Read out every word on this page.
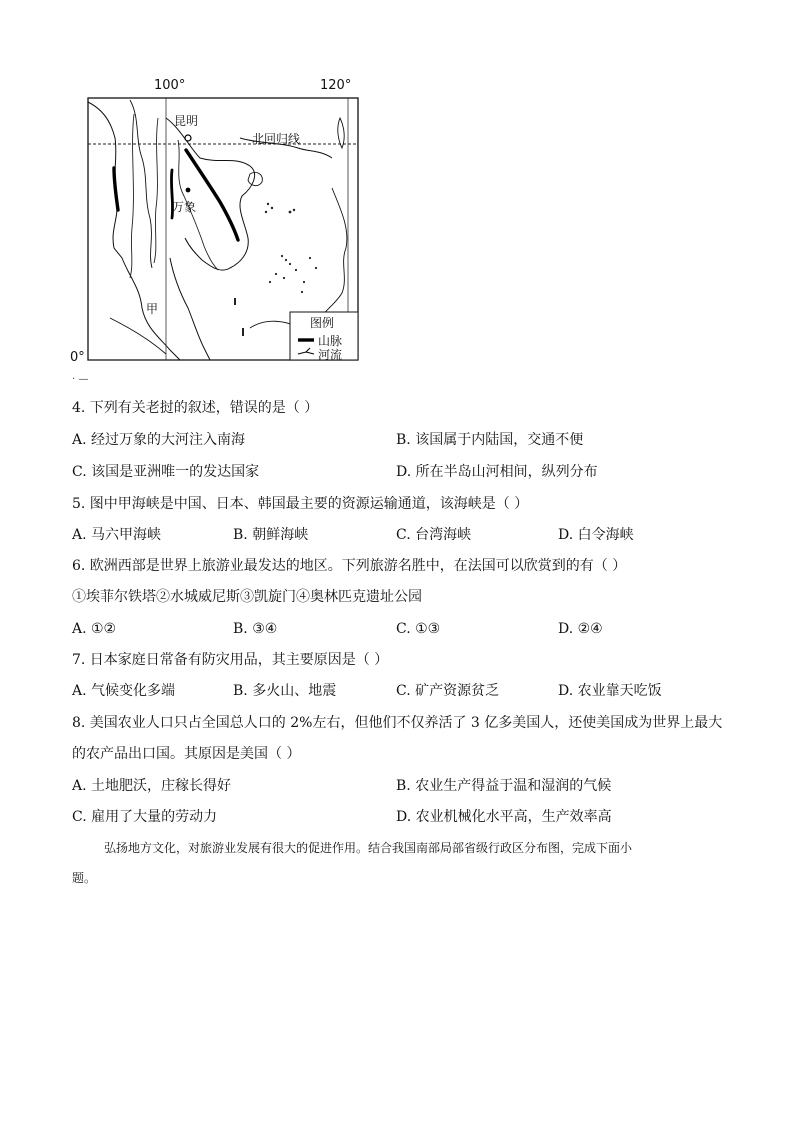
100°	120°
0°
昆明
北回归线
万象
甲
图例
山脉
河流
· —
4. 下列有关老挝的叙述，错误的是（ ）
A. 经过万象的大河注入南海	B. 该国属于内陆国，交通不便
C. 该国是亚洲唯一的发达国家	D. 所在半岛山河相间，纵列分布
5. 图中甲海峡是中国、日本、韩国最主要的资源运输通道，该海峡是（ ）
A. 马六甲海峡	B. 朝鲜海峡	C. 台湾海峡	D. 白令海峡
6. 欧洲西部是世界上旅游业最发达的地区。下列旅游名胜中，在法国可以欣赏到的有（ ）
①埃菲尔铁塔②水城威尼斯③凯旋门④奥林匹克遗址公园
A. ①②	B. ③④	C. ①③	D. ②④
7. 日本家庭日常备有防灾用品，其主要原因是（ ）
A. 气候变化多端	B. 多火山、地震	C. 矿产资源贫乏	D. 农业靠天吃饭
8. 美国农业人口只占全国总人口的 2%左右，但他们不仅养活了 3 亿多美国人，还使美国成为世界上最大
的农产品出口国。其原因是美国（ ）
A. 土地肥沃，庄稼长得好	B. 农业生产得益于温和湿润的气候
C. 雇用了大量的劳动力	D. 农业机械化水平高，生产效率高
弘扬地方文化，对旅游业发展有很大的促进作用。结合我国南部局部省级行政区分布图，完成下面小
题。
